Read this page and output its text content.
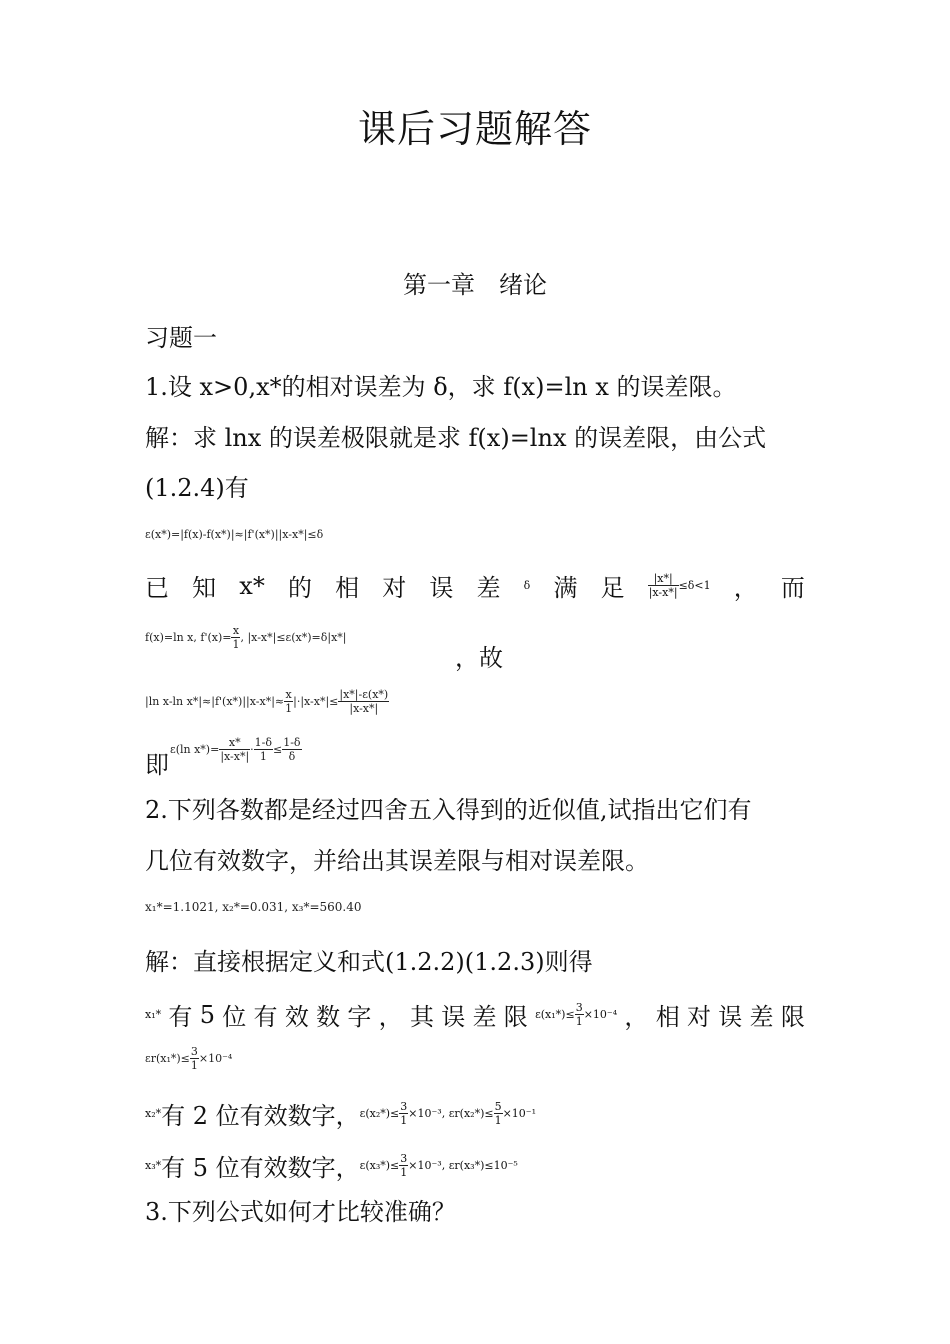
课后习题解答
第一章　绪论
习题一
1.设 x>0,x*的相对误差为 δ，求 f(x)=ln x 的误差限。
解：求 lnx 的误差极限就是求 f(x)=lnx 的误差限，由公式
(1.2.4)有
ε(x*)=|f(x)-f(x*)|≈|f'(x*)||x-x*|≤δ
已 知 x* 的 相 对 误 差 δ 满 足 $\frac{|x*|}{|x-x*|} \le\delta<1$ ， 而
f(x)=ln x, $f'(x)= \frac{x}{1}$ , |x-x*|≤ε(x*)=δ|x*|
，故
|ln x-ln $x*|\approx|f'(x*)||x-x*|\approx \frac{x}{1} |\cdot|x-x*|\le \frac{|x*|-\varepsilon(x*)}{|x-x*|}$
即
ε(ln $x*)= \frac{x*}{|x-x*|} \cdot \frac{1-\delta}{1} \le \frac{1-\delta}{\delta}$
2.下列各数都是经过四舍五入得到的近似值,试指出它们有
几位有效数字，并给出其误差限与相对误差限。
x₁*=1.1021, x₂*=0.031, x₃*=560.40
解：直接根据定义和式(1.2.2)(1.2.3)则得
x₁* 有 5 位 有 效 数 字 ， 其 误 差 限 $\varepsilon(x_1*)\le \frac{3}{1} \times 10^{-4}$ ， 相 对 误 差 限
$\varepsilon r(x_1*)\le \frac{3}{1} \times 10^{-4}$
x₂* 有 2 位有效数字， $\varepsilon(x_2*)\le \frac{3}{1} \times 10^{-3}$, $\varepsilon r(x_2*)\le \frac{5}{1} \times 10^{-1}$
x₃* 有 5 位有效数字， $\varepsilon(x_3*)\le \frac{3}{1} \times 10^{-3}$, εr(x₃*)≤10⁻⁵
3.下列公式如何才比较准确？
